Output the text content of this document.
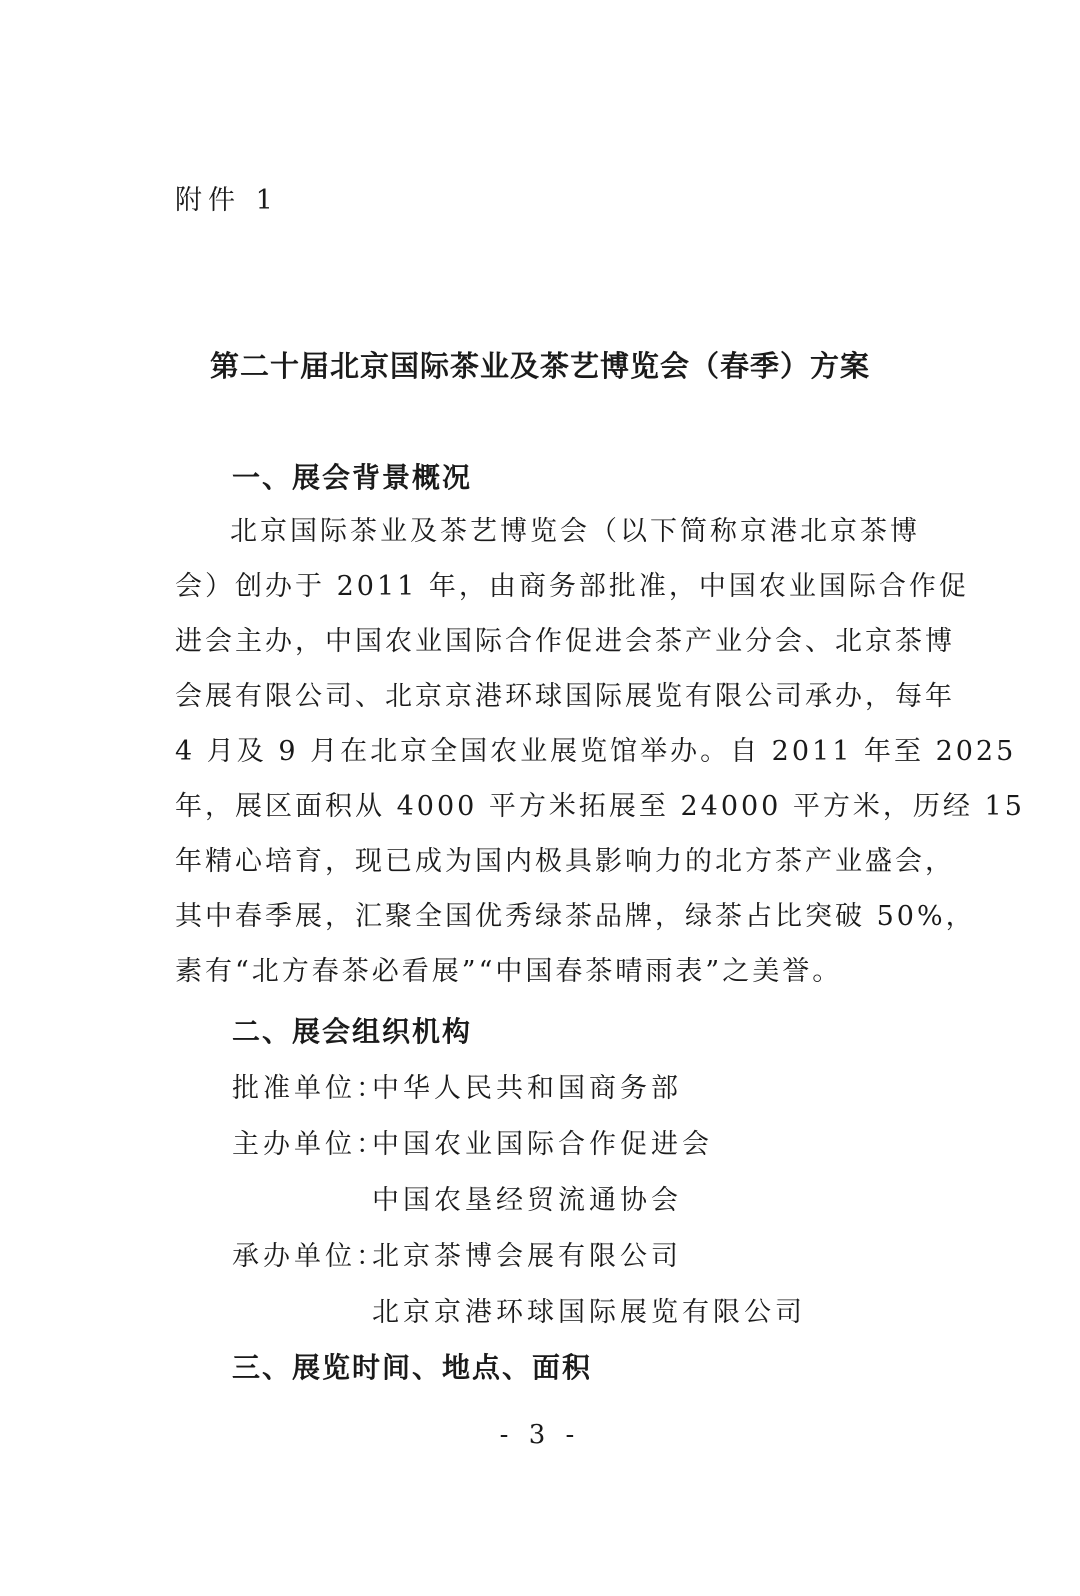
附件 1
第二十届北京国际茶业及茶艺博览会（春季）方案
一、展会背景概况
北京国际茶业及茶艺博览会（以下简称京港北京茶博
会）创办于 2011 年，由商务部批准，中国农业国际合作促
进会主办，中国农业国际合作促进会茶产业分会、北京茶博
会展有限公司、北京京港环球国际展览有限公司承办，每年
4 月及 9 月在北京全国农业展览馆举办。自 2011 年至 2025
年，展区面积从 4000 平方米拓展至 24000 平方米，历经 15
年精心培育，现已成为国内极具影响力的北方茶产业盛会，
其中春季展，汇聚全国优秀绿茶品牌，绿茶占比突破 50%，
素有“北方春茶必看展”“中国春茶晴雨表”之美誉。
二、展会组织机构
批准单位：中华人民共和国商务部
主办单位：中国农业国际合作促进会
中国农垦经贸流通协会
承办单位：北京茶博会展有限公司
北京京港环球国际展览有限公司
三、展览时间、地点、面积
- 3 -
